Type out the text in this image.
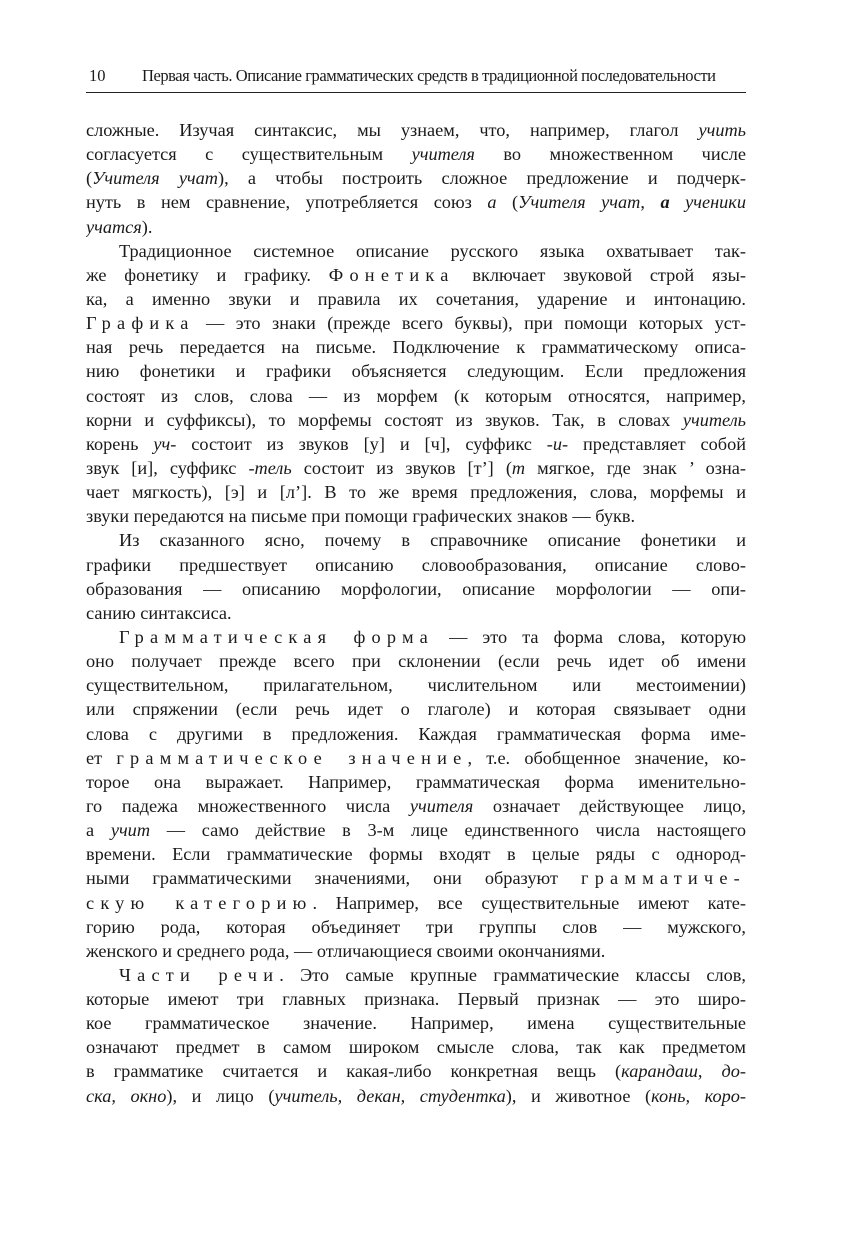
10 Первая часть. Описание грамматических средств в традиционной последовательности
сложные. Изучая синтаксис, мы узнаем, что, например, глагол учить
согласуется с существительным учителя во множественном числе
(Учителя учат), а чтобы построить сложное предложение и подчерк-
нуть в нем сравнение, употребляется союз а (Учителя учат, а ученики
учатся).
Традиционное системное описание русского языка охватывает так-
же фонетику и графику. Фонетика включает звуковой строй язы-
ка, а именно звуки и правила их сочетания, ударение и интонацию.
Графика — это знаки (прежде всего буквы), при помощи которых уст-
ная речь передается на письме. Подключение к грамматическому описа-
нию фонетики и графики объясняется следующим. Если предложения
состоят из слов, слова — из морфем (к которым относятся, например,
корни и суффиксы), то морфемы состоят из звуков. Так, в словах учитель
корень уч- состоит из звуков [у] и [ч], суффикс -и- представляет собой
звук [и], суффикс -тель состоит из звуков [т’] (т мягкое, где знак ’ озна-
чает мягкость), [э] и [л’]. В то же время предложения, слова, морфемы и
звуки передаются на письме при помощи графических знаков — букв.
Из сказанного ясно, почему в справочнике описание фонетики и
графики предшествует описанию словообразования, описание слово-
образования — описанию морфологии, описание морфологии — опи-
санию синтаксиса.
Грамматическая форма — это та форма слова, которую
оно получает прежде всего при склонении (если речь идет об имени
существительном, прилагательном, числительном или местоимении)
или спряжении (если речь идет о глаголе) и которая связывает одни
слова с другими в предложения. Каждая грамматическая форма име-
ет грамматическое значение, т.е. обобщенное значение, ко-
торое она выражает. Например, грамматическая форма именительно-
го падежа множественного числа учителя означает действующее лицо,
а учит — само действие в 3-м лице единственного числа настоящего
времени. Если грамматические формы входят в целые ряды с однород-
ными грамматическими значениями, они образуют грамматиче-
скую категорию. Например, все существительные имеют кате-
горию рода, которая объединяет три группы слов — мужского,
женского и среднего рода, — отличающиеся своими окончаниями.
Части речи. Это самые крупные грамматические классы слов,
которые имеют три главных признака. Первый признак — это широ-
кое грамматическое значение. Например, имена существительные
означают предмет в самом широком смысле слова, так как предметом
в грамматике считается и какая-либо конкретная вещь (карандаш, до-
ска, окно), и лицо (учитель, декан, студентка), и животное (конь, коро-
